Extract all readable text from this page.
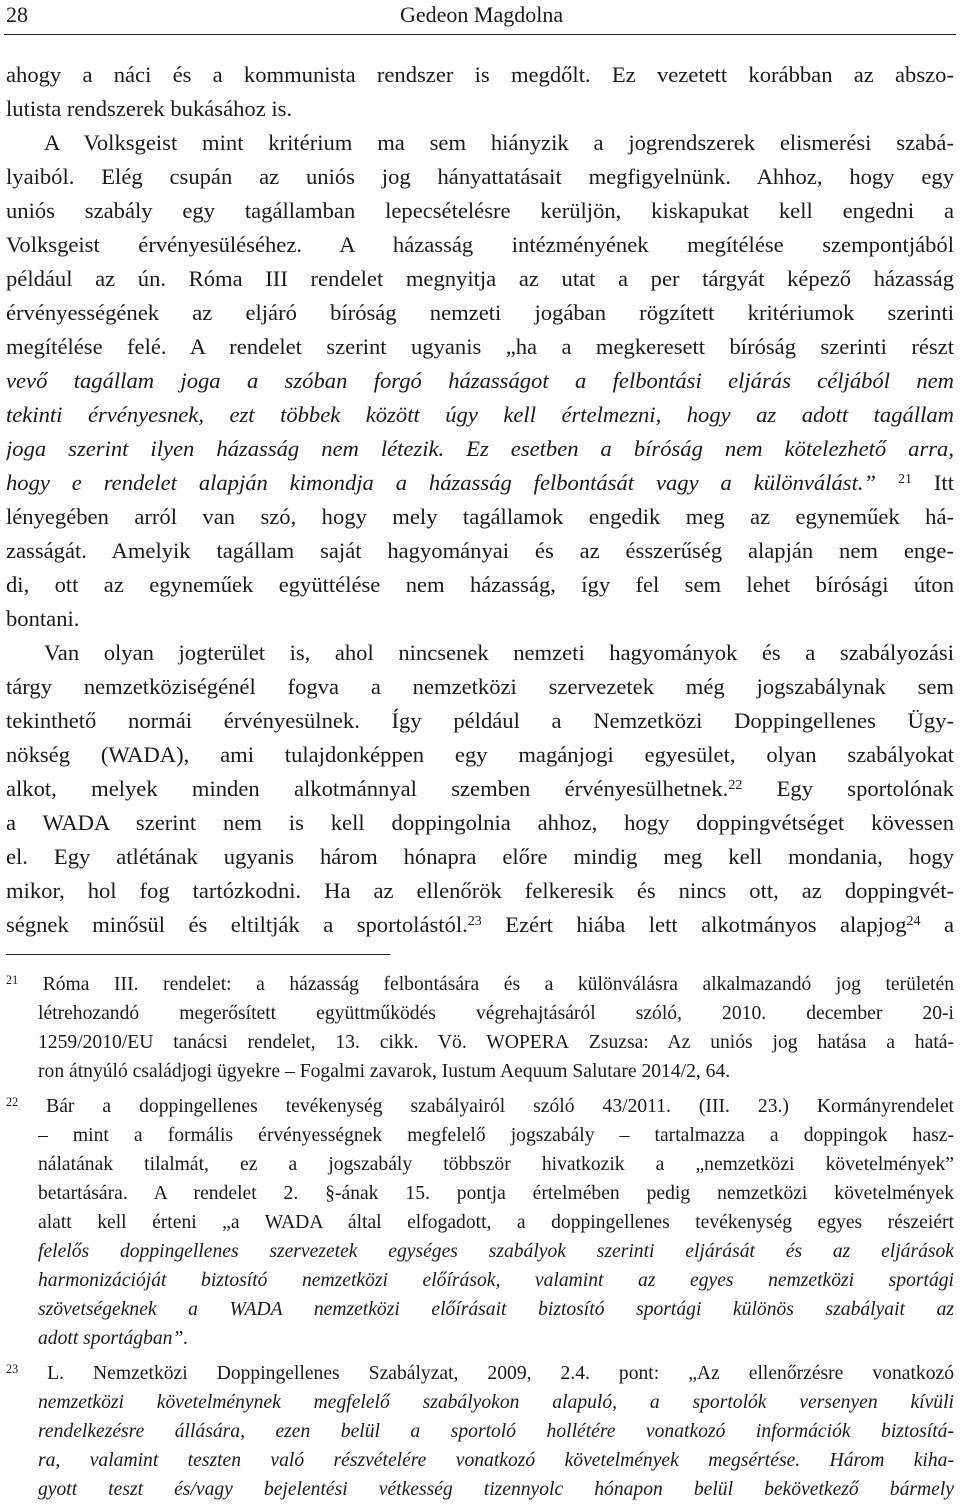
28	Gedeon Magdolna
ahogy a náci és a kommunista rendszer is megdőlt. Ez vezetett korábban az abszo-
lutista rendszerek bukásához is.
A Volksgeist mint kritérium ma sem hiányzik a jogrendszerek elismerési szabá-
lyaiból. Elég csupán az uniós jog hányattatásait megfigyelnünk. Ahhoz, hogy egy
uniós szabály egy tagállamban lepecsételésre kerüljön, kiskapukat kell engedni a
Volksgeist érvényesüléséhez. A házasság intézményének megítélése szempontjából
például az ún. Róma III rendelet megnyitja az utat a per tárgyát képező házasság
érvényességének az eljáró bíróság nemzeti jogában rögzített kritériumok szerinti
megítélése felé. A rendelet szerint ugyanis „ha a megkeresett bíróság szerinti részt
vevő tagállam joga a szóban forgó házasságot a felbontási eljárás céljából nem
tekinti érvényesnek, ezt többek között úgy kell értelmezni, hogy az adott tagállam
joga szerint ilyen házasság nem létezik. Ez esetben a bíróság nem kötelezhető arra,
hogy e rendelet alapján kimondja a házasság felbontását vagy a különválást.” $^{21}$ Itt
lényegében arról van szó, hogy mely tagállamok engedik meg az egyneműek há-
zasságát. Amelyik tagállam saját hagyományai és az ésszerűség alapján nem enge-
di, ott az egyneműek együttélése nem házasság, így fel sem lehet bírósági úton
bontani.
Van olyan jogterület is, ahol nincsenek nemzeti hagyományok és a szabályozási
tárgy nemzetköziségénél fogva a nemzetközi szervezetek még jogszabálynak sem
tekinthető normái érvényesülnek. Így például a Nemzetközi Doppingellenes Ügy-
nökség (WADA), ami tulajdonképpen egy magánjogi egyesület, olyan szabályokat
alkot, melyek minden alkotmánnyal szemben érvényesülhetnek.$^{22}$ Egy sportolónak
a WADA szerint nem is kell doppingolnia ahhoz, hogy doppingvétséget kövessen
el. Egy atlétának ugyanis három hónapra előre mindig meg kell mondania, hogy
mikor, hol fog tartózkodni. Ha az ellenőrök felkeresik és nincs ott, az doppingvét-
ségnek minősül és eltiltják a sportolástól.$^{23}$ Ezért hiába lett alkotmányos alapjog$^{24}$ a
$^{21}$ Róma III. rendelet: a házasság felbontására és a különválásra alkalmazandó jog területén
létrehozandó megerősített együttműködés végrehajtásáról szóló, 2010. december 20-i
1259/2010/EU tanácsi rendelet, 13. cikk. Vö. WOPERA Zsuzsa: Az uniós jog hatása a hatá-
ron átnyúló családjogi ügyekre – Fogalmi zavarok, Iustum Aequum Salutare 2014/2, 64.
$^{22}$ Bár a doppingellenes tevékenység szabályairól szóló 43/2011. (III. 23.) Kormányrendelet
– mint a formális érvényességnek megfelelő jogszabály – tartalmazza a doppingok hasz-
nálatának tilalmát, ez a jogszabály többször hivatkozik a „nemzetközi követelmények”
betartására. A rendelet 2. §-ának 15. pontja értelmében pedig nemzetközi követelmények
alatt kell érteni „a WADA által elfogadott, a doppingellenes tevékenység egyes részeiért
felelős doppingellenes szervezetek egységes szabályok szerinti eljárását és az eljárások
harmonizációját biztosító nemzetközi előírások, valamint az egyes nemzetközi sportági
szövetségeknek a WADA nemzetközi előírásait biztosító sportági különös szabályait az
adott sportágban”.
$^{23}$ L. Nemzetközi Doppingellenes Szabályzat, 2009, 2.4. pont: „Az ellenőrzésre vonatkozó
nemzetközi követelménynek megfelelő szabályokon alapuló, a sportolók versenyen kívüli
rendelkezésre állására, ezen belül a sportoló hollétére vonatkozó információk biztosítá-
ra, valamint teszten való részvételére vonatkozó követelmények megsértése. Három kiha-
gyott teszt és/vagy bejelentési vétkesség tizennyolc hónapon belül bekövetkező bármely
